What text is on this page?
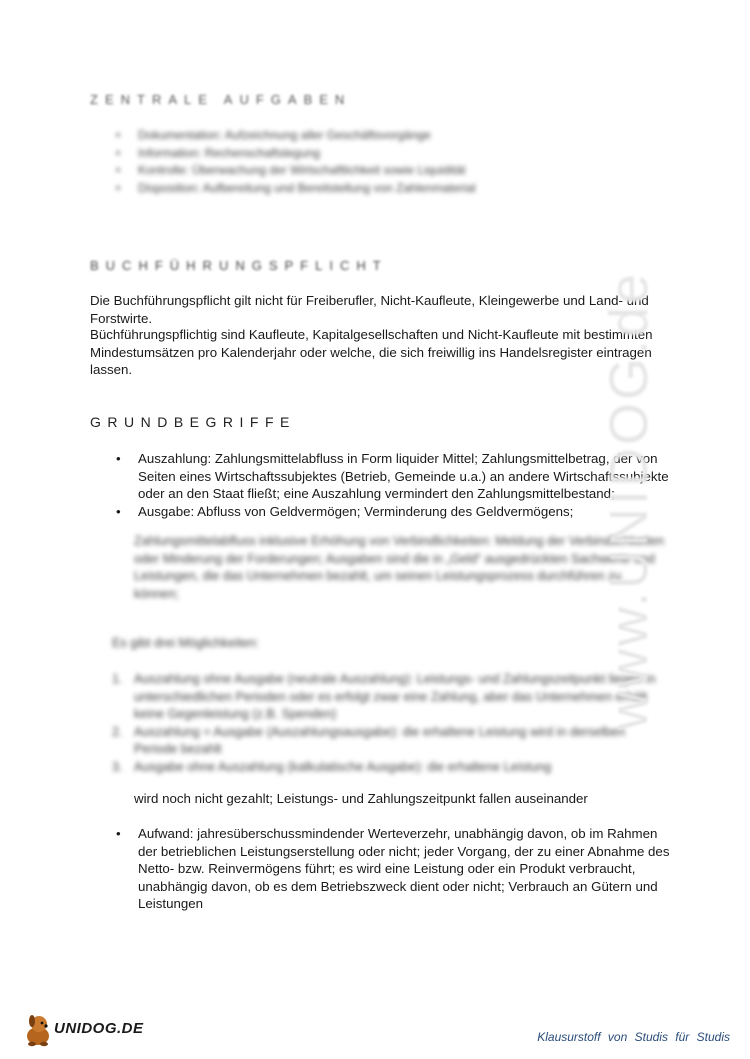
ZENTRALE AUFGABEN
• Dokumentation: Aufzeichnung aller Geschäftsvorgänge
• Information: Rechenschaftslegung
• Kontrolle: Überwachung der Wirtschaftlichkeit sowie Liquidität
• Disposition: Aufbereitung und Bereitstellung von Zahlenmaterial
BUCHFÜHRUNGSPFLICHT

Die Buchführungspflicht gilt nicht für Freiberufler, Nicht-Kaufleute, Kleingewerbe und Land- und Forstwirte.

Büchführungspflichtig sind Kaufleute, Kapitalgesellschaften und Nicht-Kaufleute mit bestimmten Mindestumsätzen pro Kalenderjahr oder welche, die sich freiwillig ins Handelsregister eintragen lassen.

GRUNDBEGRIFFE
• Auszahlung: Zahlungsmittelabfluss in Form liquider Mittel; Zahlungsmittelbetrag, der von Seiten eines Wirtschaftssubjektes (Betrieb, Gemeinde u.a.) an andere Wirtschaftssubjekte oder an den Staat fließt; eine Auszahlung vermindert den Zahlungsmittelbestand;
• Ausgabe: Abfluss von Geldvermögen; Verminderung des Geldvermögens;

Zahlungsmittelabfluss inklusive Erhöhung von Verbindlichkeiten: Meldung der Verbindlichkeiten oder Minderung der Forderungen; Ausgaben sind die in „Geld“ ausgedrückten Sachwerte und Leistungen, die das Unternehmen bezahlt, um seinen Leistungsprozess durchführen zu können;

Es gibt drei Möglichkeiten:
1. Auszahlung ohne Ausgabe (neutrale Auszahlung): Leistungs- und Zahlungszeitpunkt liegen in unterschiedlichen Perioden oder es erfolgt zwar eine Zahlung, aber das Unternehmen erhält keine Gegenleistung (z.B. Spenden)
2. Auszahlung = Ausgabe (Auszahlungsausgabe): die erhaltene Leistung wird in derselben Periode bezahlt
3. Ausgabe ohne Auszahlung (kalkulatische Ausgabe): die erhaltene Leistung
wird noch nicht gezahlt; Leistungs- und Zahlungszeitpunkt fallen auseinander
• Aufwand: jahresüberschussmindender Werteverzehr, unabhängig davon, ob im Rahmen der betrieblichen Leistungserstellung oder nicht; jeder Vorgang, der zu einer Abnahme des Netto- bzw. Reinvermögens führt; es wird eine Leistung oder ein Produkt verbraucht, unabhängig davon, ob es dem Betriebszweck dient oder nicht; Verbrauch an Gütern und Leistungen
www.UNIDOG.de
UNIDOG.DE	Klausurstoff von Studis für Studis
